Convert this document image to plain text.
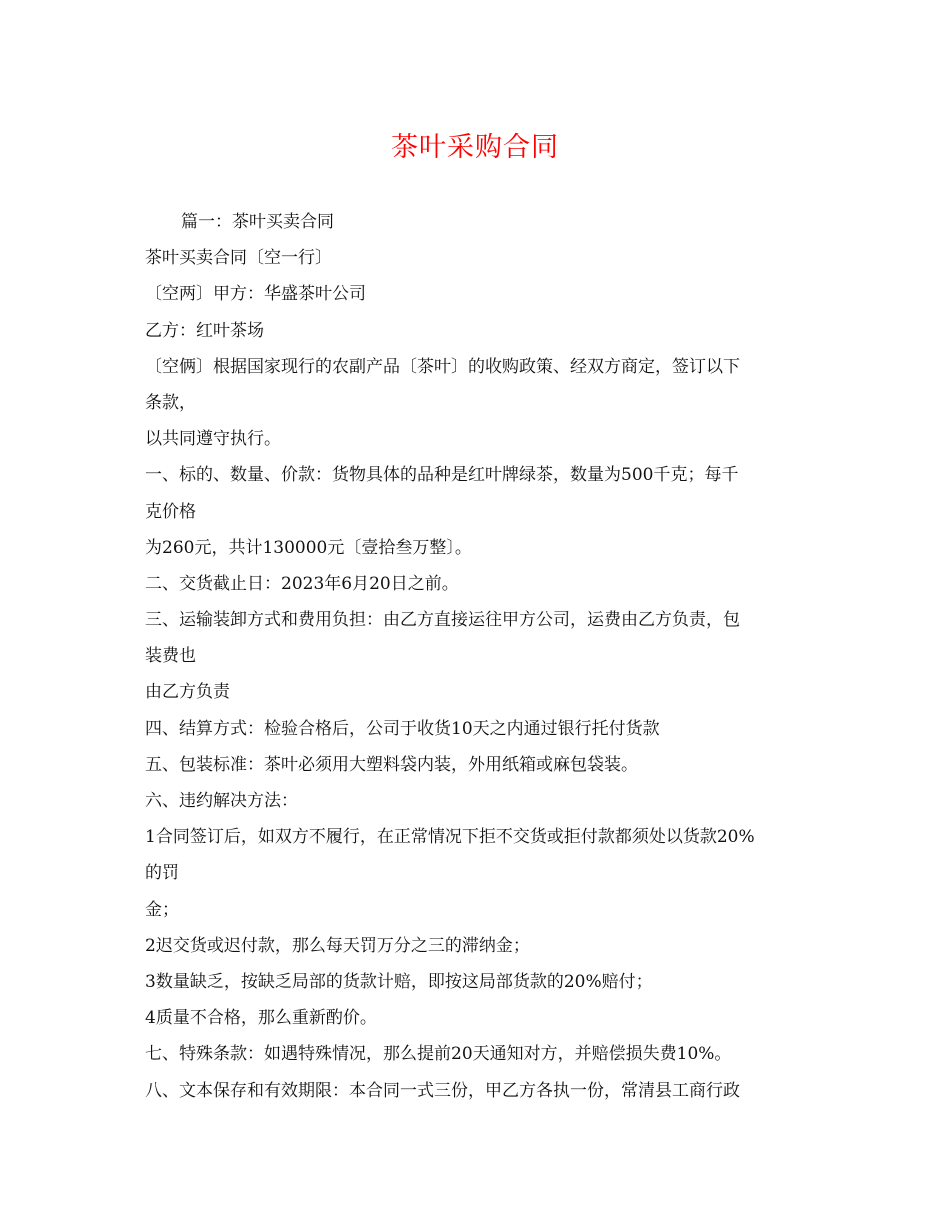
茶叶采购合同
篇一：茶叶买卖合同
茶叶买卖合同〔空一行〕
〔空两〕甲方：华盛茶叶公司
乙方：红叶茶场
〔空俩〕根据国家现行的农副产品〔茶叶〕的收购政策、经双方商定，签订以下
条款，
以共同遵守执行。
一、标的、数量、价款：货物具体的品种是红叶牌绿茶，数量为500千克；每千
克价格
为260元，共计130000元〔壹拾叁万整〕。
二、交货截止日：2023年6月20日之前。
三、运输装卸方式和费用负担：由乙方直接运往甲方公司，运费由乙方负责，包
装费也
由乙方负责
四、结算方式：检验合格后，公司于收货10天之内通过银行托付货款
五、包装标准：茶叶必须用大塑料袋内装，外用纸箱或麻包袋装。
六、违约解决方法：
1合同签订后，如双方不履行，在正常情况下拒不交货或拒付款都须处以货款20%
的罚
金；
2迟交货或迟付款，那么每天罚万分之三的滞纳金；
3数量缺乏，按缺乏局部的货款计赔，即按这局部货款的20%赔付；
4质量不合格，那么重新酌价。
七、特殊条款：如遇特殊情况，那么提前20天通知对方，并赔偿损失费10%。
八、文本保存和有效期限：本合同一式三份，甲乙方各执一份，常清县工商行政
